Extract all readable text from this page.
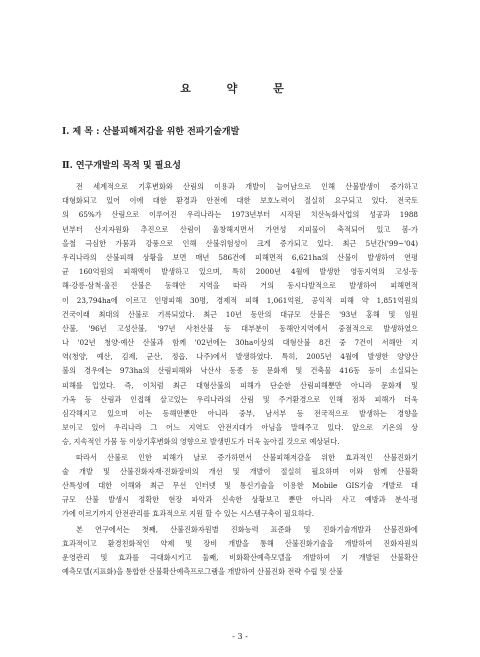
요 약 문
Ⅰ. 제 목 : 산불피해저감을 위한 전파기술개발
Ⅱ. 연구개발의 목적 및 필요성
전 세계적으로 기후변화와 산림의 이용과 개발이 늘어남으로 인해 산불발생이 증가하고
대형화되고 있어 이에 대한 환경과 안전에 대한 보호노력이 절실히 요구되고 있다. 전국토
의 65%가 산림으로 이루어진 우리나라는 1973년부터 시작된 치산녹화사업의 성공과 1988
년부터 산지자원화 추진으로 산림이 울창해지면서 가연성 지피물이 축적되어 있고 봄·가
을철 극심한 가뭄과 강풍으로 인해 산불위험성이 크게 증가되고 있다. 최근 5년간('99~'04)
우리나라의 산불피해 상황을 보면 매년 586건에 피해면적 6,621ha의 산불이 발생하여 연평
균 160억원의 피해액이 발생하고 있으며, 특히 2000년 4월에 발생한 영동지역의 고성·동
해·강릉·삼척·울진 산불은 동해안 지역을 따라 거의 동시다발적으로 발생하여 피해면적
이 23,794ha에 이르고 인명피해 30명, 경제적 피해 1,061억원, 공익적 피해 약 1,851억원의
건국이래 최대의 산불로 기록되었다. 최근 10년 동안의 대규모 산불은 '93년 홍해 및 임원
산불, '96년 고성산불, '97년 사천산불 등 대부분이 동해안지역에서 중점적으로 발생하였으
나 '02년 청양·예산 산불과 함께 '02년에는 30ha이상의 대형산불 8건 중 7건이 서해안 지
역(청양, 예산, 김제, 군산, 정읍, 나주)에서 발생하였다. 특히, 2005년 4월에 발생한 양양산
불의 경우에는 973ha의 산림피해와 낙산사 동종 등 문화재 및 건축물 416동 등이 소실되는
피해를 입었다. 즉, 이처럼 최근 대형산불의 피해가 단순한 산림피해뿐만 아니라 문화재 및
가옥 등 산림과 인접해 살고있는 우리나라의 산림 및 주거환경으로 인해 점차 피해가 더욱
심각해지고 있으며 이는 동해안뿐만 아니라 중부, 남서부 등 전국적으로 발생하는 경향을
보이고 있어 우리나라 그 어느 지역도 안전지대가 아님을 말해주고 있다. 앞으로 기온의 상
승, 지속적인 가뭄 등 이상기후변화의 영향으로 발생빈도가 더욱 높아질 것으로 예상된다.
따라서 산불로 인한 피해가 날로 증가하면서 산불피해저감을 위한 효과적인 산불진화기
술 개발 및 산불진화자재·진화장비의 개선 및 개발이 절실히 필요하며 이와 함께 산불확
산특성에 대한 이해와 최근 무선 인터넷 및 통신기술을 이용한 Mobile GIS기술 개발로 대
규모 산불 발생시 정확한 현장 파악과 신속한 상황보고 뿐만 아니라 사고 예방과 분석·평
가에 이르기까지 안전관리를 효과적으로 지원 할 수 있는 시스템구축이 필요하다.
본 연구에서는 첫째, 산불진화자원별 진화능력 표준화 및 진화기술개발과 산불진화에
효과적이고 환경친화적인 약제 및 장비 개발을 통해 산불진화기술을 개발하여 진화자원의
운영관리 및 효과를 극대화시키고 둘째, 비화확산예측모델을 개발하여 기 개발된 산불확산
예측모델(지표화)을 통합한 산불확산예측프로그램을 개발하여 산불진화 전략 수립 및 산불
- 3 -
